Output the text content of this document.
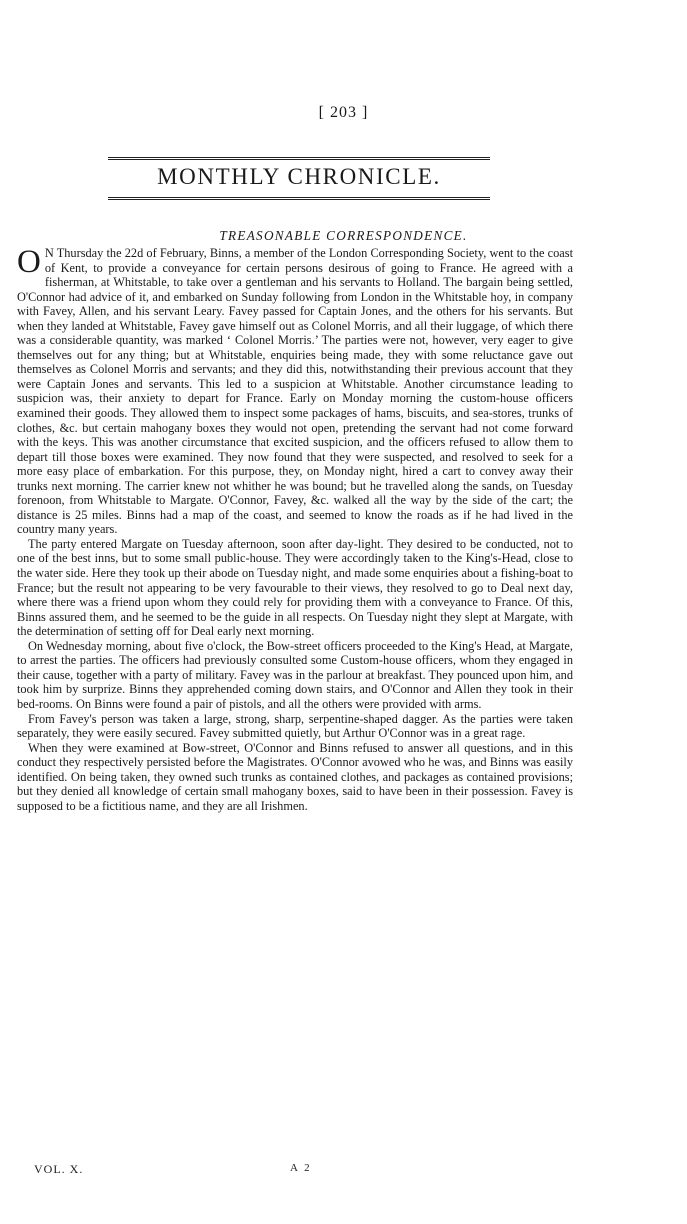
[ 203 ]
MONTHLY CHRONICLE.
TREASONABLE CORRESPONDENCE.

O N Thursday the 22d of February, Binns, a member of the London Corresponding Society, went to the coast of Kent, to provide a conveyance for certain persons desirous of going to France. He agreed with a fisherman, at Whitstable, to take over a gentleman and his servants to Holland. The bargain being settled, O'Connor had advice of it, and embarked on Sunday following from London in the Whitstable hoy, in company with Favey, Allen, and his servant Leary. Favey passed for Captain Jones, and the others for his servants. But when they landed at Whitstable, Favey gave himself out as Colonel Morris, and all their luggage, of which there was a considerable quantity, was marked ‘ Colonel Morris.’ The parties were not, however, very eager to give themselves out for any thing; but at Whitstable, enquiries being made, they with some reluctance gave out themselves as Colonel Morris and servants; and they did this, notwithstanding their previous account that they were Captain Jones and servants. This led to a suspicion at Whitstable. Another circumstance leading to suspicion was, their anxiety to depart for France. Early on Monday morning the custom-house officers examined their goods. They allowed them to inspect some packages of hams, biscuits, and sea-stores, trunks of clothes, &c. but certain mahogany boxes they would not open, pretending the servant had not come forward with the keys. This was another circumstance that excited suspicion, and the officers refused to allow them to depart till those boxes were examined. They now found that they were suspected, and resolved to seek for a more easy place of embarkation. For this purpose, they, on Monday night, hired a cart to convey away their trunks next morning. The carrier knew not whither he was bound; but he travelled along the sands, on Tuesday forenoon, from Whitstable to Margate. O'Connor, Favey, &c. walked all the way by the side of the cart; the distance is 25 miles. Binns had a map of the coast, and seemed to know the roads as if he had lived in the country many years.

The party entered Margate on Tuesday afternoon, soon after day-light. They desired to be conducted, not to one of the best inns, but to some small public-house. They were accordingly taken to the King's-Head, close to the water side. Here they took up their abode on Tuesday night, and made some enquiries about a fishing-boat to France; but the result not appearing to be very favourable to their views, they resolved to go to Deal next day, where there was a friend upon whom they could rely for providing them with a conveyance to France. Of this, Binns assured them, and he seemed to be the guide in all respects. On Tuesday night they slept at Margate, with the determination of setting off for Deal early next morning.

On Wednesday morning, about five o'clock, the Bow-street officers proceeded to the King's Head, at Margate, to arrest the parties. The officers had previously consulted some Custom-house officers, whom they engaged in their cause, together with a party of military. Favey was in the parlour at breakfast. They pounced upon him, and took him by surprize. Binns they apprehended coming down stairs, and O'Connor and Allen they took in their bed-rooms. On Binns were found a pair of pistols, and all the others were provided with arms.

From Favey's person was taken a large, strong, sharp, serpentine-shaped dagger. As the parties were taken separately, they were easily secured. Favey submitted quietly, but Arthur O'Connor was in a great rage.

When they were examined at Bow-street, O'Connor and Binns refused to answer all questions, and in this conduct they respectively persisted before the Magistrates. O'Connor avowed who he was, and Binns was easily identified. On being taken, they owned such trunks as contained clothes, and packages as contained provisions; but they denied all knowledge of certain small mahogany boxes, said to have been in their possession. Favey is supposed to be a fictitious name, and they are all Irishmen.

VOL. X.	A 2
